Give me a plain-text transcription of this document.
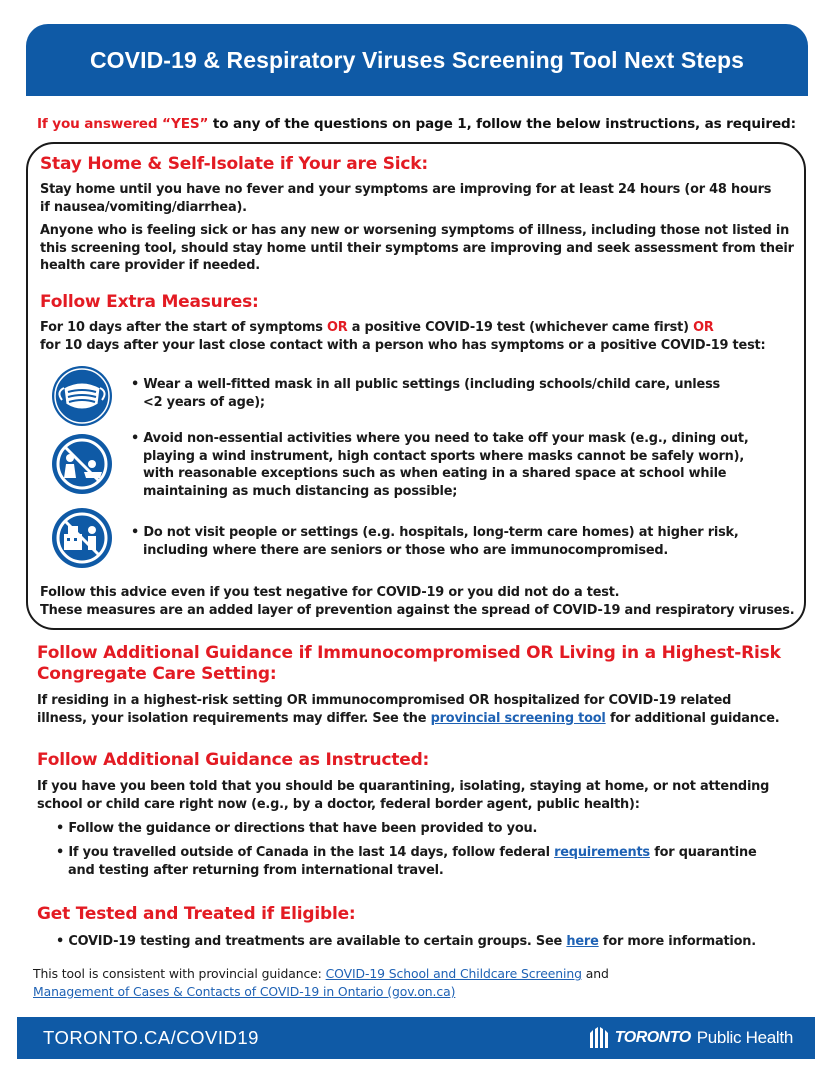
COVID-19 & Respiratory Viruses Screening Tool Next Steps
If you answered “YES” to any of the questions on page 1, follow the below instructions, as required:
Stay Home & Self-Isolate if Your are Sick:
Stay home until you have no fever and your symptoms are improving for at least 24 hours (or 48 hours
if nausea/vomiting/diarrhea).
Anyone who is feeling sick or has any new or worsening symptoms of illness, including those not listed in
this screening tool, should stay home until their symptoms are improving and seek assessment from their
health care provider if needed.
Follow Extra Measures:
For 10 days after the start of symptoms OR a positive COVID-19 test (whichever came first) OR
for 10 days after your last close contact with a person who has symptoms or a positive COVID-19 test:
• Wear a well-fitted mask in all public settings (including schools/child care, unless
<2 years of age);
• Avoid non-essential activities where you need to take off your mask (e.g., dining out,
playing a wind instrument, high contact sports where masks cannot be safely worn),
with reasonable exceptions such as when eating in a shared space at school while
maintaining as much distancing as possible;
• Do not visit people or settings (e.g. hospitals, long-term care homes) at higher risk,
including where there are seniors or those who are immunocompromised.
Follow this advice even if you test negative for COVID-19 or you did not do a test.
These measures are an added layer of prevention against the spread of COVID-19 and respiratory viruses.
Follow Additional Guidance if Immunocompromised OR Living in a Highest-Risk
Congregate Care Setting:
If residing in a highest-risk setting OR immunocompromised OR hospitalized for COVID-19 related
illness, your isolation requirements may differ. See the provincial screening tool for additional guidance.
Follow Additional Guidance as Instructed:
If you have you been told that you should be quarantining, isolating, staying at home, or not attending
school or child care right now (e.g., by a doctor, federal border agent, public health):
• Follow the guidance or directions that have been provided to you.
• If you travelled outside of Canada in the last 14 days, follow federal requirements for quarantine
and testing after returning from international travel.
Get Tested and Treated if Eligible:
• COVID-19 testing and treatments are available to certain groups. See here for more information.
This tool is consistent with provincial guidance: COVID-19 School and Childcare Screening and
Management of Cases & Contacts of COVID-19 in Ontario (gov.on.ca)
TORONTO.CA/COVID19	TORONTO Public Health
